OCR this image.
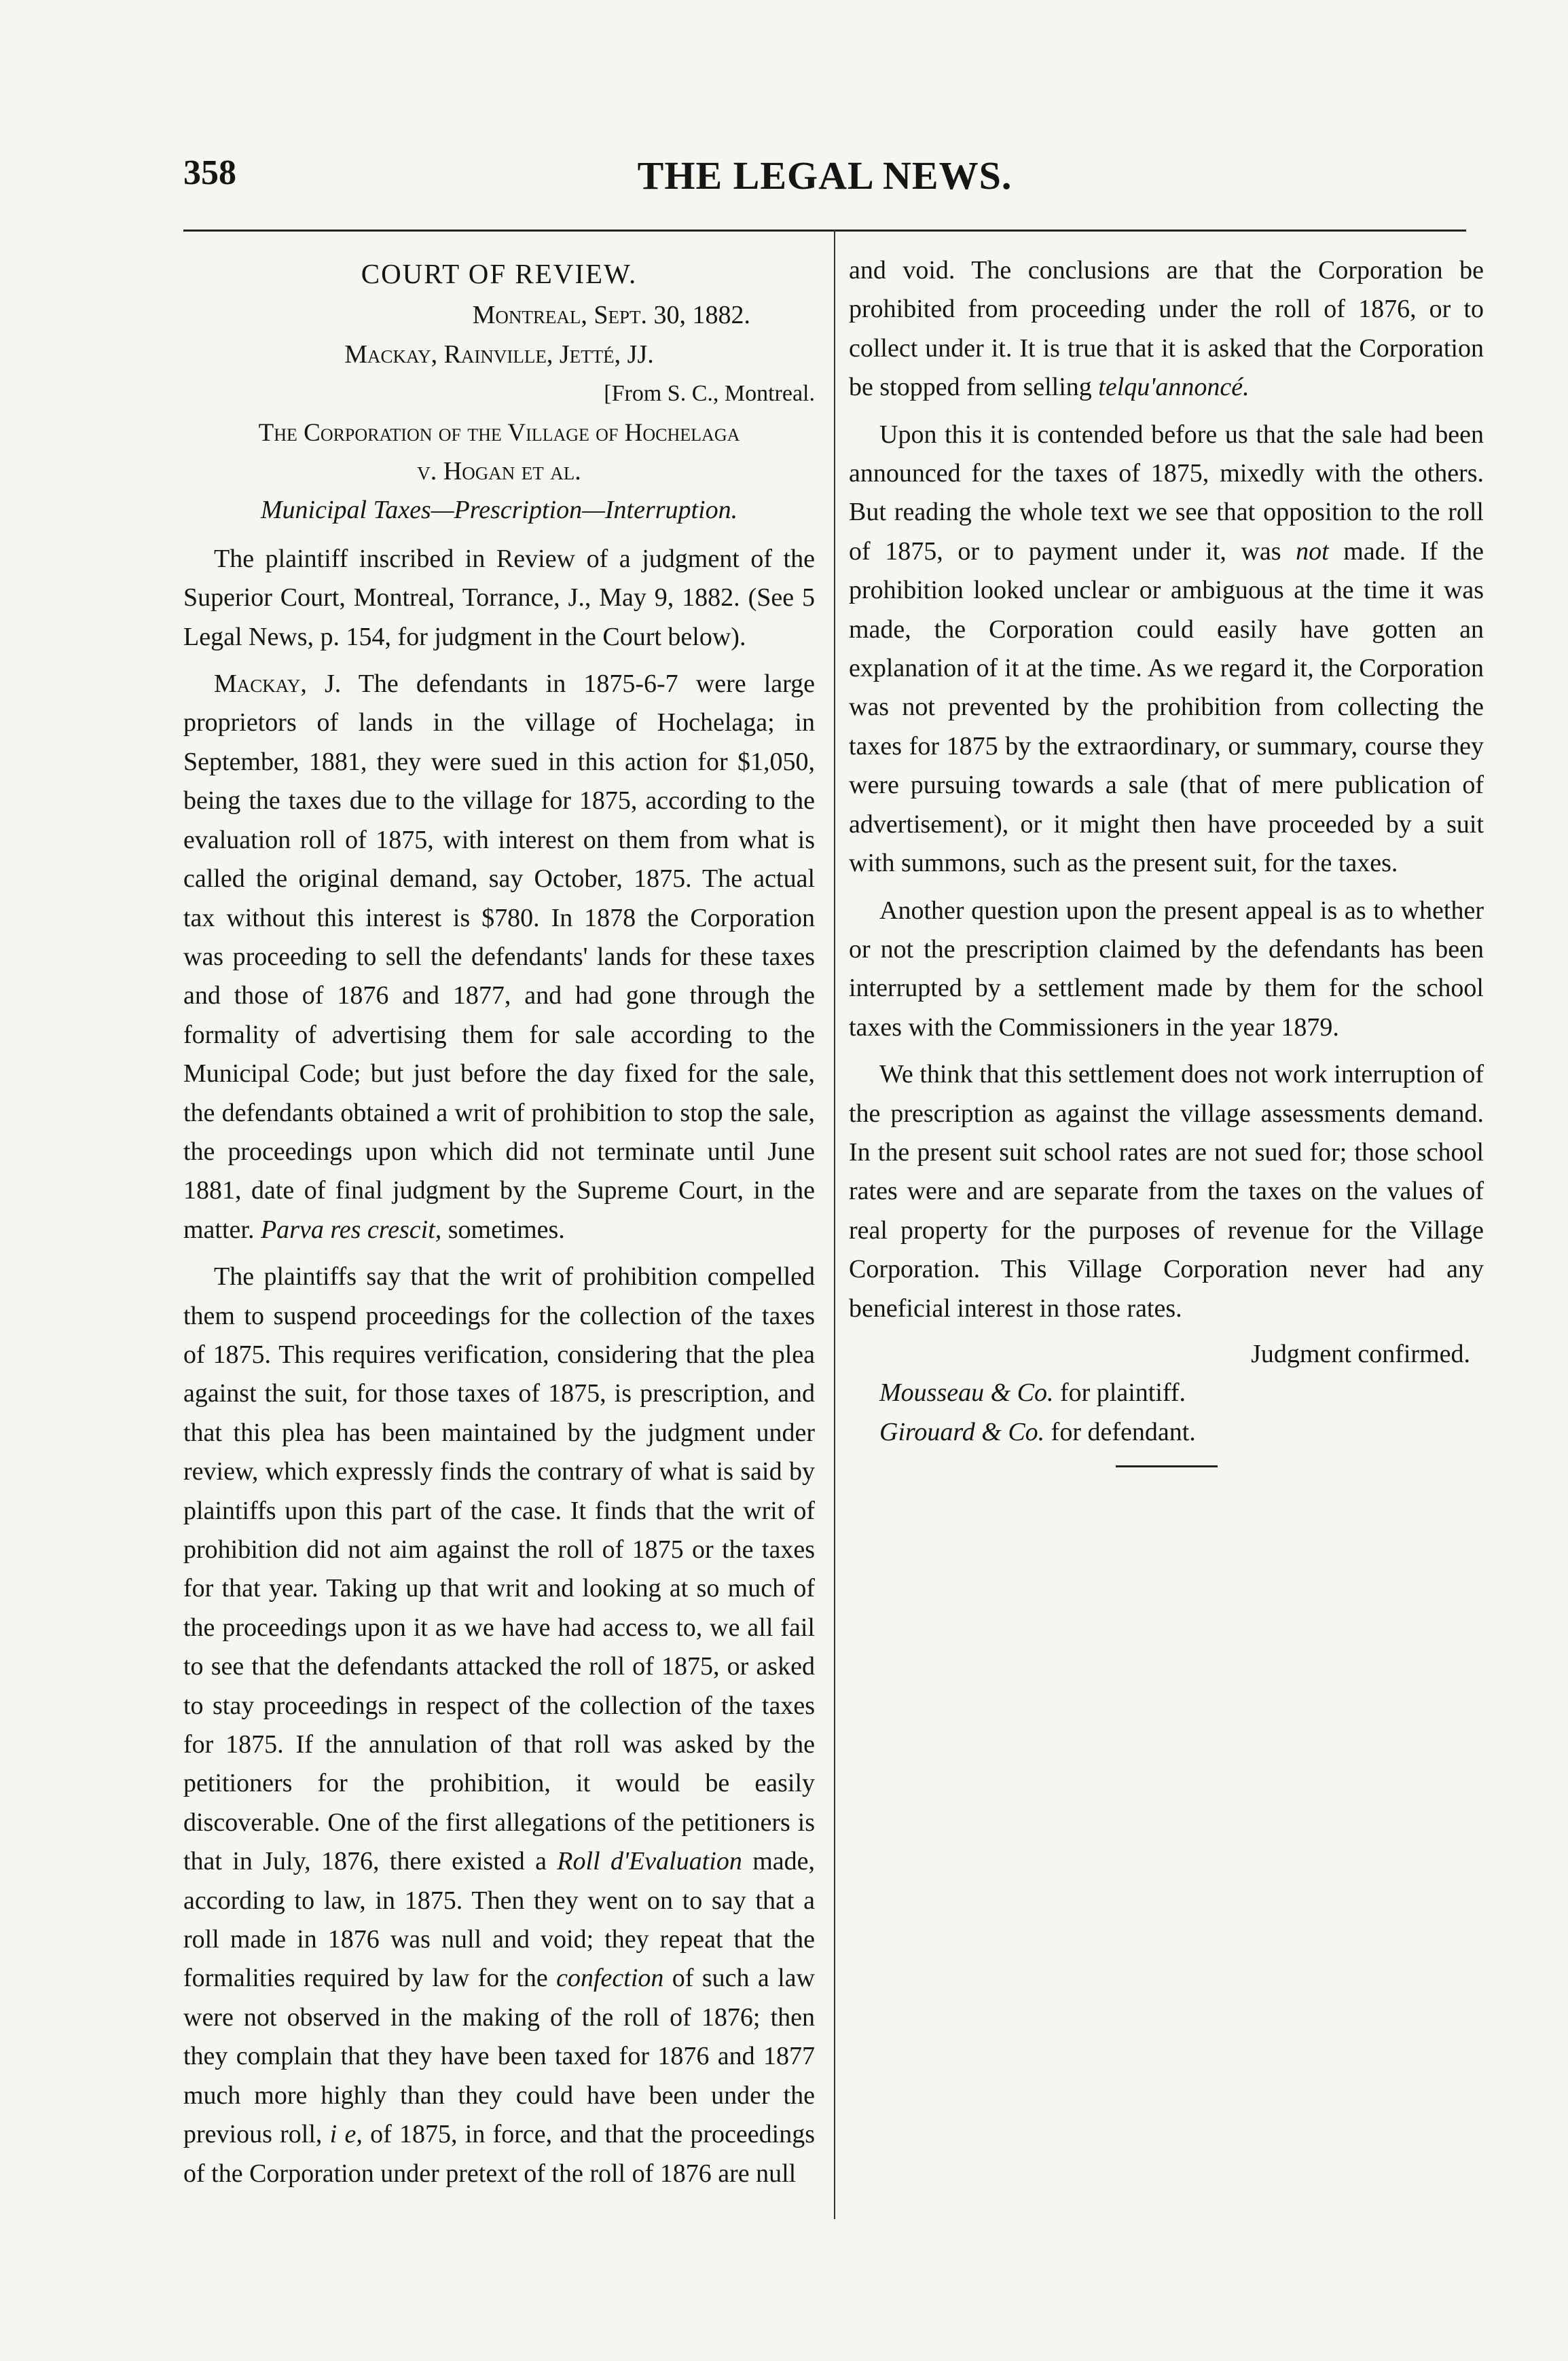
THE LEGAL NEWS.
358
COURT OF REVIEW.
Montreal, Sept. 30, 1882.
Mackay, Rainville, Jetté, JJ.
[From S. C., Montreal.
The Corporation of the Village of Hochelaga
v. Hogan et al.
Municipal Taxes—Prescription—Interruption.

The plaintiff inscribed in Review of a judgment of the Superior Court, Montreal, Torrance, J., May 9, 1882. (See 5 Legal News, p. 154, for judgment in the Court below).

Mackay, J. The defendants in 1875-6-7 were large proprietors of lands in the village of Hochelaga; in September, 1881, they were sued in this action for $1,050, being the taxes due to the village for 1875, according to the evaluation roll of 1875, with interest on them from what is called the original demand, say October, 1875. The actual tax without this interest is $780. In 1878 the Corporation was proceeding to sell the defendants' lands for these taxes and those of 1876 and 1877, and had gone through the formality of advertising them for sale according to the Municipal Code; but just before the day fixed for the sale, the defendants obtained a writ of prohibition to stop the sale, the proceedings upon which did not terminate until June 1881, date of final judgment by the Supreme Court, in the matter. Parva res crescit, sometimes.

The plaintiffs say that the writ of prohibition compelled them to suspend proceedings for the collection of the taxes of 1875. This requires verification, considering that the plea against the suit, for those taxes of 1875, is prescription, and that this plea has been maintained by the judgment under review, which expressly finds the contrary of what is said by plaintiffs upon this part of the case. It finds that the writ of prohibition did not aim against the roll of 1875 or the taxes for that year. Taking up that writ and looking at so much of the proceedings upon it as we have had access to, we all fail to see that the defendants attacked the roll of 1875, or asked to stay proceedings in respect of the collection of the taxes for 1875. If the annulation of that roll was asked by the petitioners for the prohibition, it would be easily discoverable. One of the first allegations of the petitioners is that in July, 1876, there existed a Roll d'Evaluation made, according to law, in 1875. Then they went on to say that a roll made in 1876 was null and void; they repeat that the formalities required by law for the confection of such a law were not observed in the making of the roll of 1876; then they complain that they have been taxed for 1876 and 1877 much more highly than they could have been under the previous roll, i e, of 1875, in force, and that the proceedings of the Corporation under pretext of the roll of 1876 are null

and void. The conclusions are that the Corporation be prohibited from proceeding under the roll of 1876, or to collect under it. It is true that it is asked that the Corporation be stopped from selling telqu'annoncé.

Upon this it is contended before us that the sale had been announced for the taxes of 1875, mixedly with the others. But reading the whole text we see that opposition to the roll of 1875, or to payment under it, was not made. If the prohibition looked unclear or ambiguous at the time it was made, the Corporation could easily have gotten an explanation of it at the time. As we regard it, the Corporation was not prevented by the prohibition from collecting the taxes for 1875 by the extraordinary, or summary, course they were pursuing towards a sale (that of mere publication of advertisement), or it might then have proceeded by a suit with summons, such as the present suit, for the taxes.

Another question upon the present appeal is as to whether or not the prescription claimed by the defendants has been interrupted by a settlement made by them for the school taxes with the Commissioners in the year 1879.

We think that this settlement does not work interruption of the prescription as against the village assessments demand. In the present suit school rates are not sued for; those school rates were and are separate from the taxes on the values of real property for the purposes of revenue for the Village Corporation. This Village Corporation never had any beneficial interest in those rates.

Judgment confirmed.
Mousseau & Co. for plaintiff.
Girouard & Co. for defendant.
